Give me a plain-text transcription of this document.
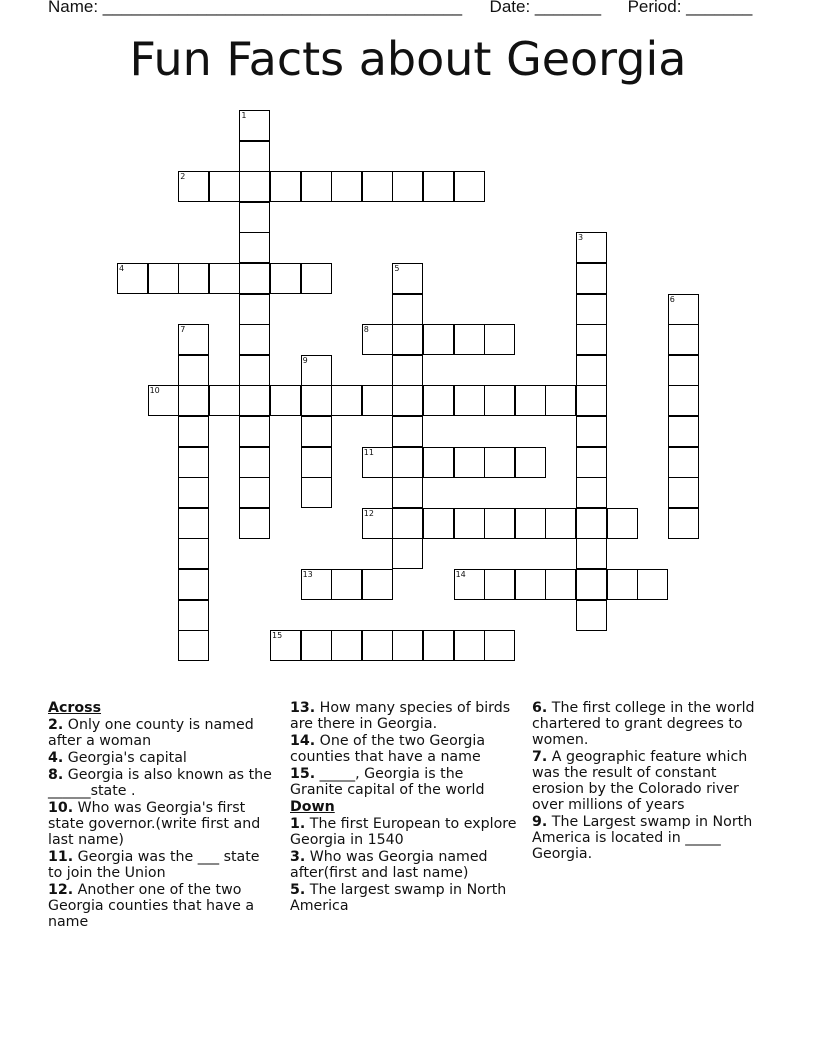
Name: ______________________________________ Date: _______ Period: _______
Fun Facts about Georgia
1
2
3
4	5
6
7	8
9
10
11
12
13	14
15
Across
2. Only one county is named after a woman
4. Georgia's capital
8. Georgia is also known as the ______state .
10. Who was Georgia's first state governor.(write first and last name)
11. Georgia was the ___ state to join the Union
12. Another one of the two Georgia counties that have a name
13. How many species of birds are there in Georgia.
14. One of the two Georgia counties that have a name
15. _____, Georgia is the Granite capital of the world
Down
1. The first European to explore Georgia in 1540
3. Who was Georgia named after(first and last name)
5. The largest swamp in North America
6. The first college in the world chartered to grant degrees to women.
7. A geographic feature which was the result of constant erosion by the Colorado river over millions of years
9. The Largest swamp in North America is located in _____ Georgia.
